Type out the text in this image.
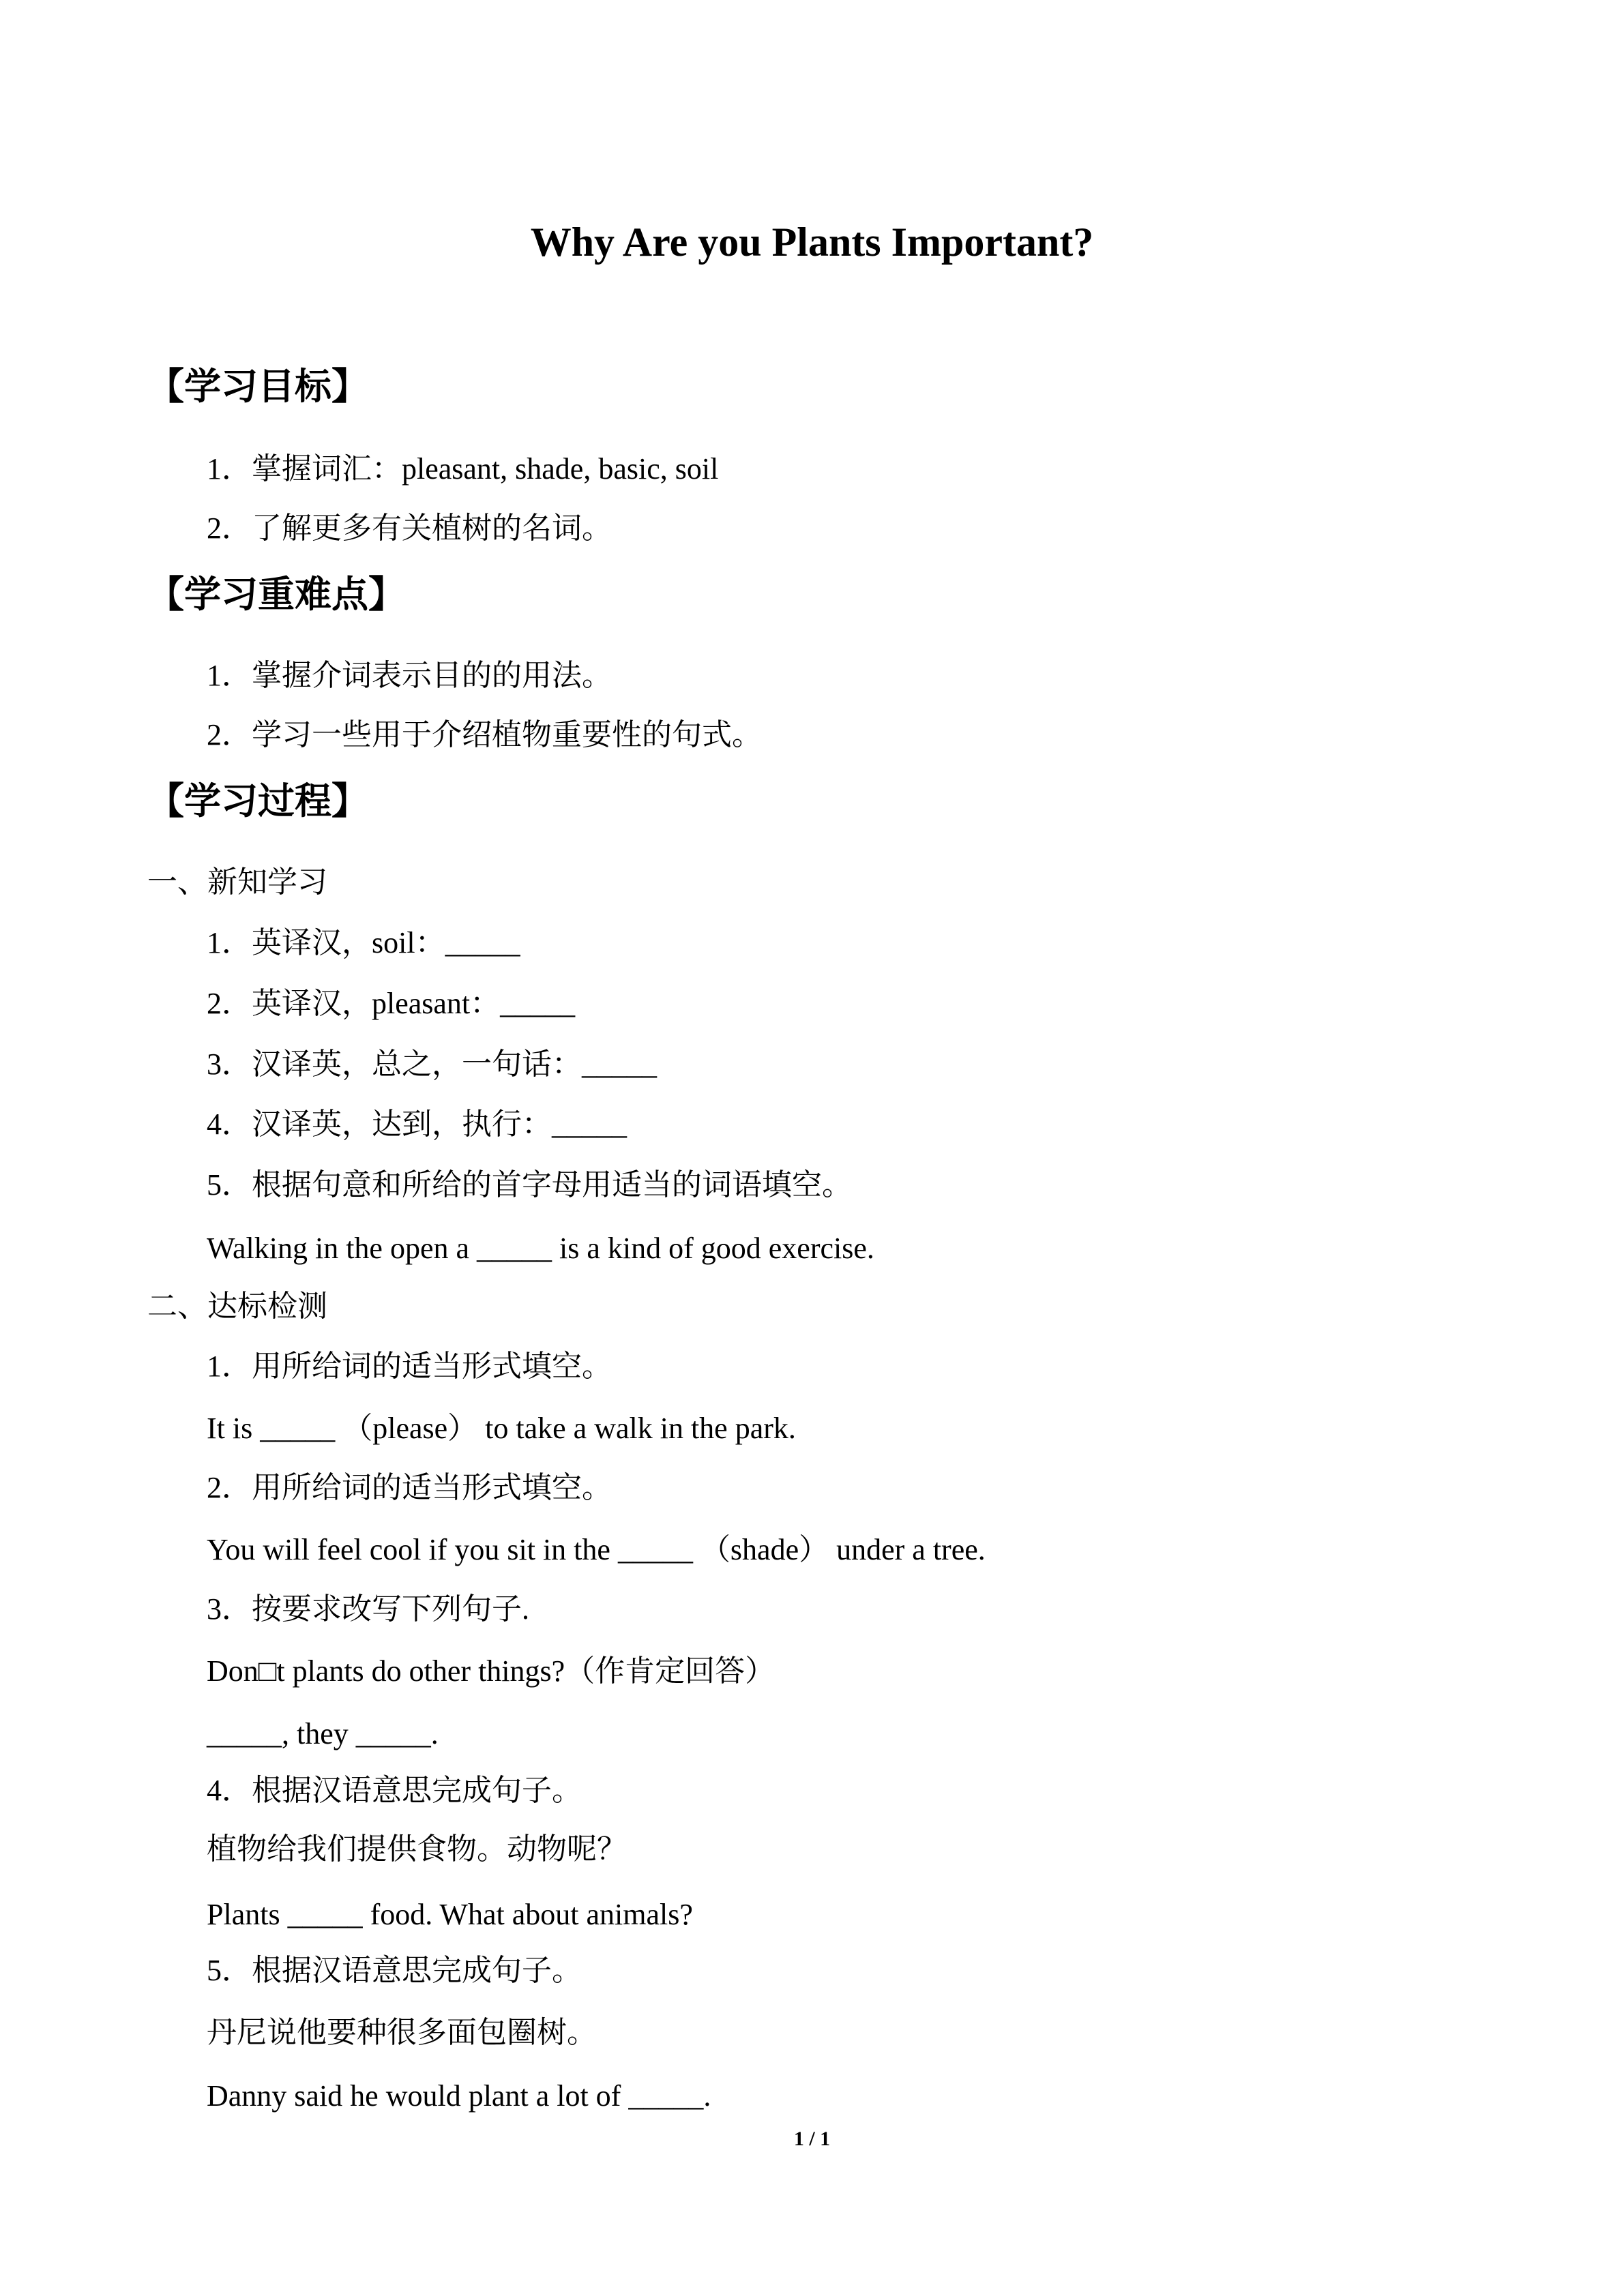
Why Are you Plants Important?
【学习目标】
1．掌握词汇：pleasant, shade, basic, soil
2．了解更多有关植树的名词。
【学习重难点】
1．掌握介词表示目的的用法。
2．学习一些用于介绍植物重要性的句式。
【学习过程】
一、新知学习
1．英译汉，soil：_____
2．英译汉，pleasant：_____
3．汉译英，总之，一句话：_____
4．汉译英，达到，执行：_____
5．根据句意和所给的首字母用适当的词语填空。
Walking in the open a _____ is a kind of good exercise.
二、达标检测
1．用所给词的适当形式填空。
It is _____ （please） to take a walk in the park.
2．用所给词的适当形式填空。
You will feel cool if you sit in the _____ （shade） under a tree.
3．按要求改写下列句子.
Don□t plants do other things?（作肯定回答）
_____, they _____.
4．根据汉语意思完成句子。
植物给我们提供食物。动物呢？
Plants _____ food. What about animals?
5．根据汉语意思完成句子。
丹尼说他要种很多面包圈树。
Danny said he would plant a lot of _____.
1 / 1
